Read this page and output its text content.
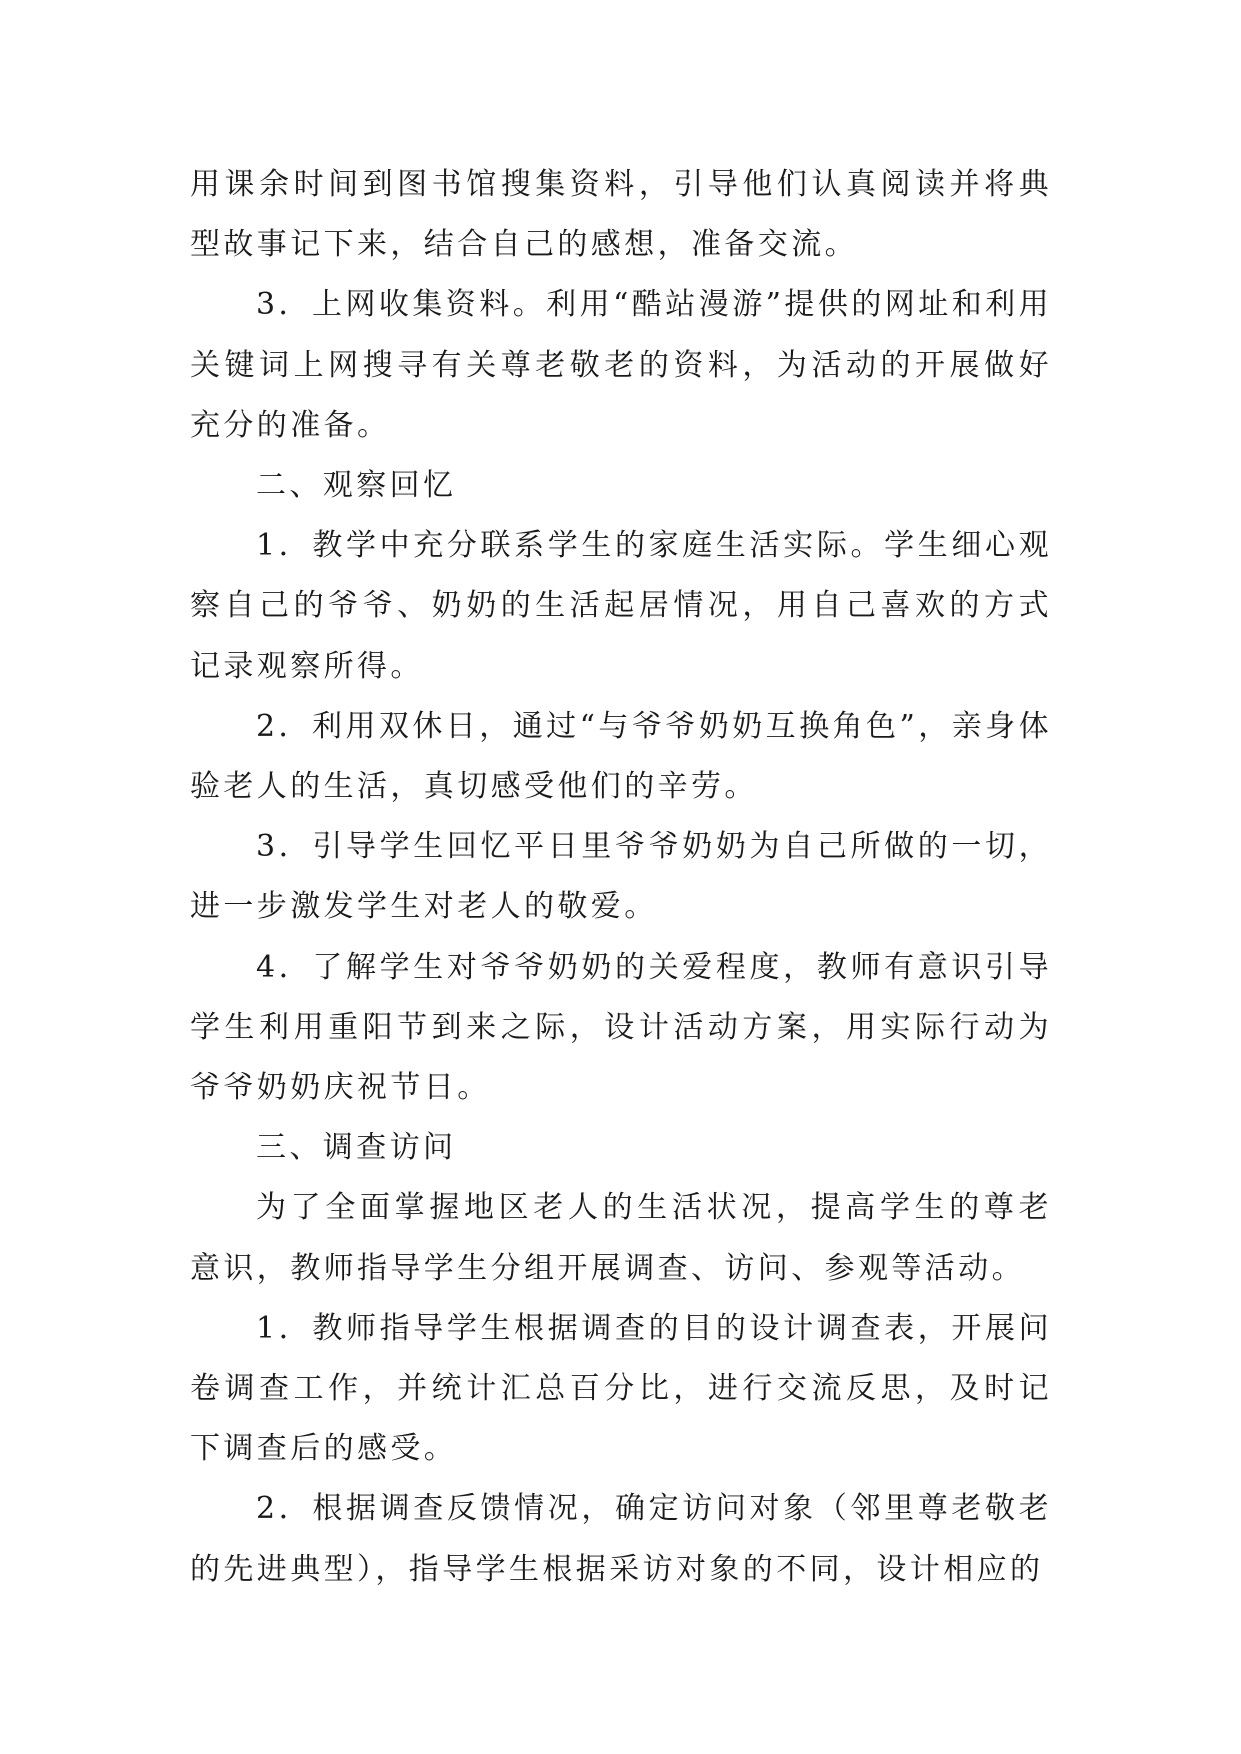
用课余时间到图书馆搜集资料，引导他们认真阅读并将典型故事记下来，结合自己的感想，准备交流。

3．上网收集资料。利用“酷站漫游”提供的网址和利用关键词上网搜寻有关尊老敬老的资料，为活动的开展做好充分的准备。

二、观察回忆

1．教学中充分联系学生的家庭生活实际。学生细心观察自己的爷爷、奶奶的生活起居情况，用自己喜欢的方式记录观察所得。

2．利用双休日，通过“与爷爷奶奶互换角色”，亲身体验老人的生活，真切感受他们的辛劳。

3．引导学生回忆平日里爷爷奶奶为自己所做的一切，进一步激发学生对老人的敬爱。

4．了解学生对爷爷奶奶的关爱程度，教师有意识引导学生利用重阳节到来之际，设计活动方案，用实际行动为爷爷奶奶庆祝节日。

三、调查访问

为了全面掌握地区老人的生活状况，提高学生的尊老意识，教师指导学生分组开展调查、访问、参观等活动。

1．教师指导学生根据调查的目的设计调查表，开展问卷调查工作，并统计汇总百分比，进行交流反思，及时记下调查后的感受。

2．根据调查反馈情况，确定访问对象（邻里尊老敬老的先进典型），指导学生根据采访对象的不同，设计相应的
